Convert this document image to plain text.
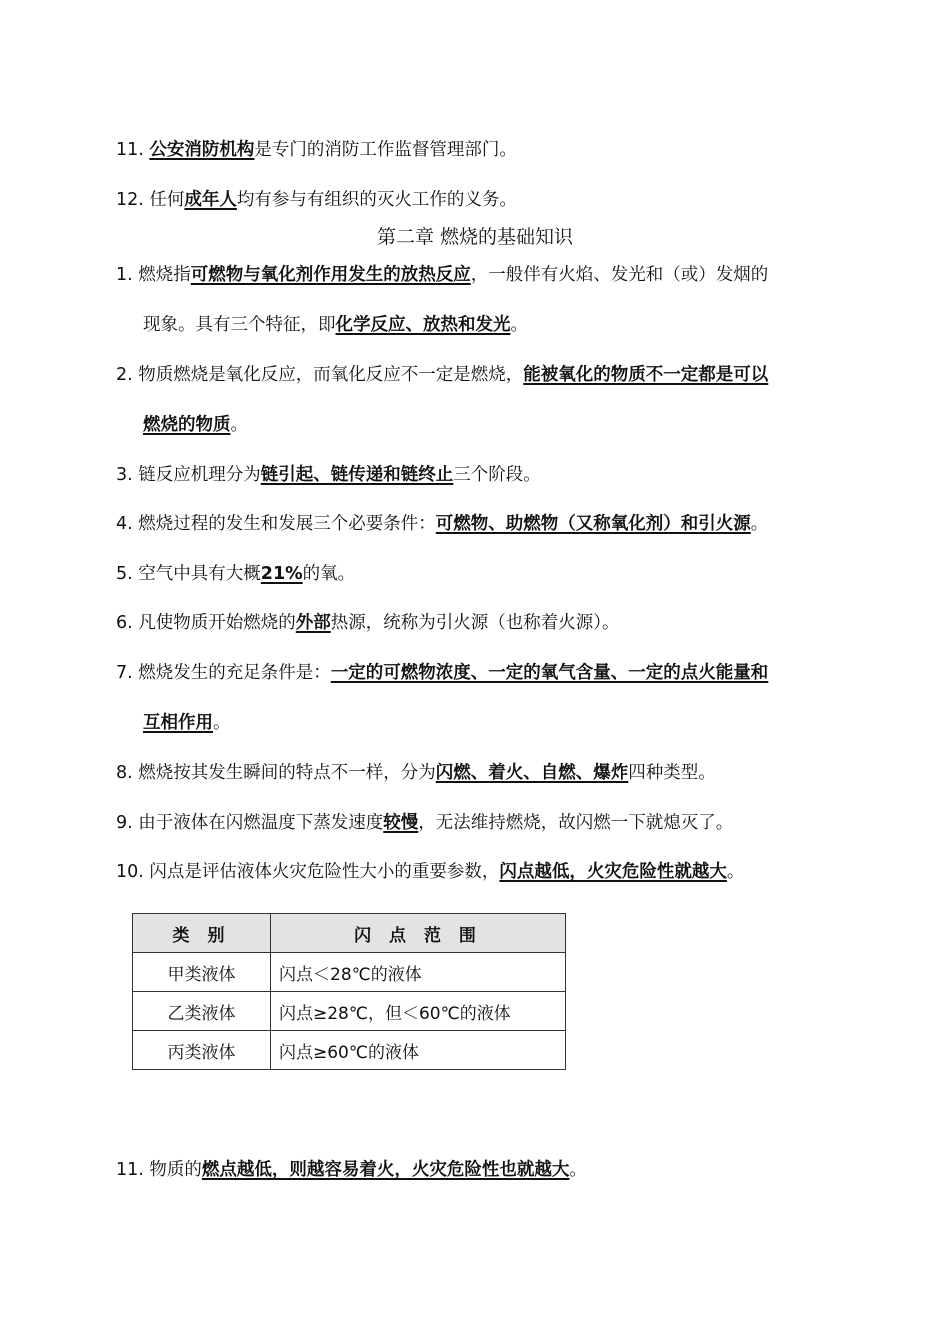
11. 公安消防机构是专门的消防工作监督管理部门。

12. 任何成年人均有参与有组织的灭火工作的义务。

第二章 燃烧的基础知识

1. 燃烧指可燃物与氧化剂作用发生的放热反应，一般伴有火焰、发光和（或）发烟的

现象。具有三个特征，即化学反应、放热和发光。

2. 物质燃烧是氧化反应，而氧化反应不一定是燃烧，能被氧化的物质不一定都是可以

燃烧的物质。

3. 链反应机理分为链引起、链传递和链终止三个阶段。

4. 燃烧过程的发生和发展三个必要条件：可燃物、助燃物（又称氧化剂）和引火源。

5. 空气中具有大概21%的氧。

6. 凡使物质开始燃烧的外部热源，统称为引火源（也称着火源）。

7. 燃烧发生的充足条件是：一定的可燃物浓度、一定的氧气含量、一定的点火能量和

互相作用。

8. 燃烧按其发生瞬间的特点不一样，分为闪燃、着火、自燃、爆炸四种类型。

9. 由于液体在闪燃温度下蒸发速度较慢，无法维持燃烧，故闪燃一下就熄灭了。

10. 闪点是评估液体火灾危险性大小的重要参数，闪点越低，火灾危险性就越大。

类 别	闪 点 范 围
甲类液体	闪点＜28℃的液体
乙类液体	闪点≥28℃，但＜60℃的液体
丙类液体	闪点≥60℃的液体

11. 物质的燃点越低，则越容易着火，火灾危险性也就越大。
